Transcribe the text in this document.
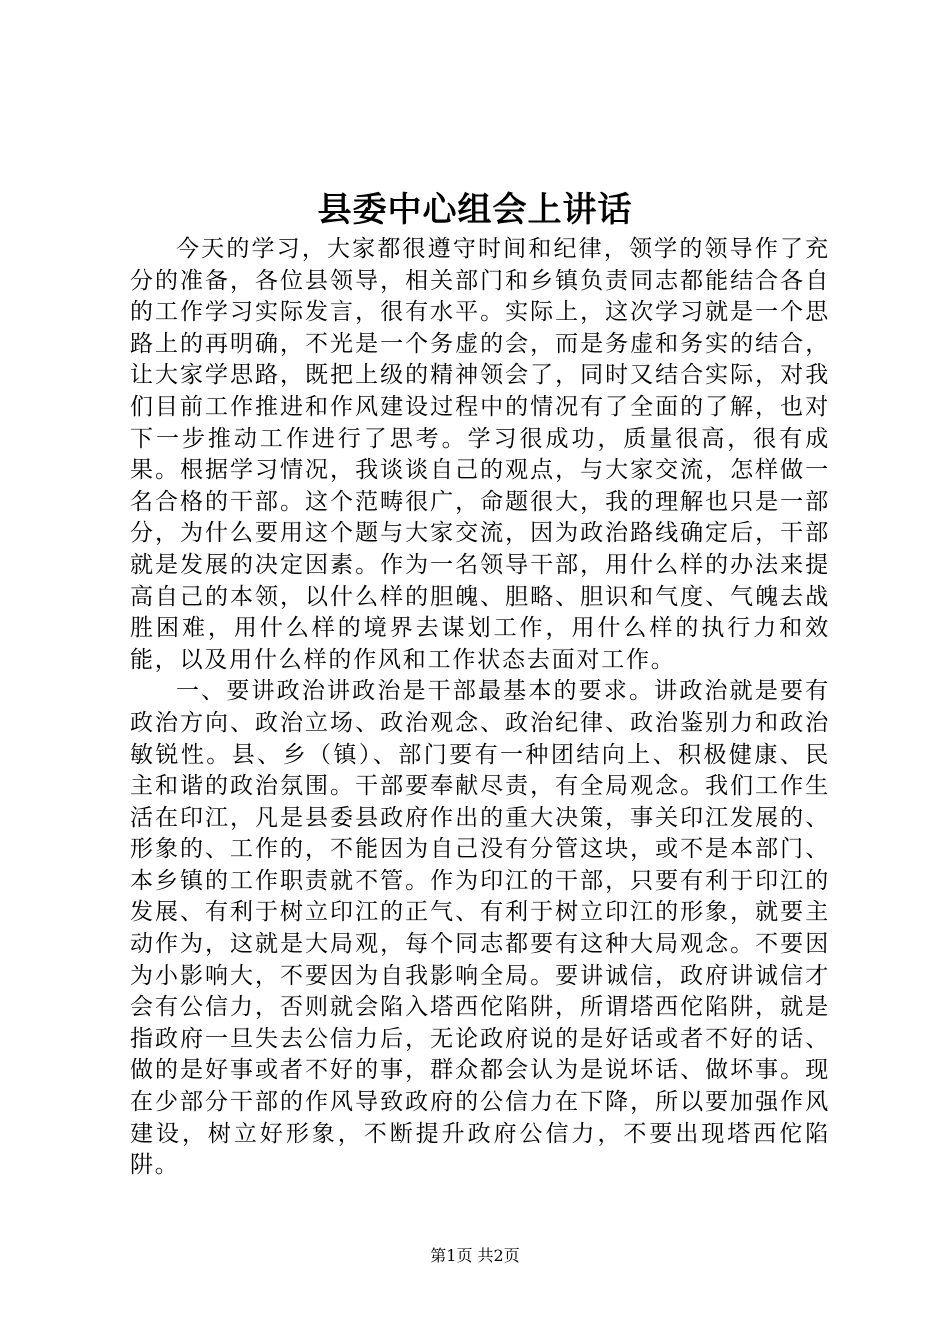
县委中心组会上讲话

今天的学习，大家都很遵守时间和纪律，领学的领导作了充分的准备，各位县领导，相关部门和乡镇负责同志都能结合各自的工作学习实际发言，很有水平。实际上，这次学习就是一个思路上的再明确，不光是一个务虚的会，而是务虚和务实的结合，让大家学思路，既把上级的精神领会了，同时又结合实际，对我们目前工作推进和作风建设过程中的情况有了全面的了解，也对下一步推动工作进行了思考。学习很成功，质量很高，很有成果。根据学习情况，我谈谈自己的观点，与大家交流，怎样做一名合格的干部。这个范畴很广，命题很大，我的理解也只是一部分，为什么要用这个题与大家交流，因为政治路线确定后，干部就是发展的决定因素。作为一名领导干部，用什么样的办法来提高自己的本领，以什么样的胆魄、胆略、胆识和气度、气魄去战胜困难，用什么样的境界去谋划工作，用什么样的执行力和效能，以及用什么样的作风和工作状态去面对工作。

一、要讲政治讲政治是干部最基本的要求。讲政治就是要有政治方向、政治立场、政治观念、政治纪律、政治鉴别力和政治敏锐性。县、乡（镇）、部门要有一种团结向上、积极健康、民主和谐的政治氛围。干部要奉献尽责，有全局观念。我们工作生活在印江，凡是县委县政府作出的重大决策，事关印江发展的、形象的、工作的，不能因为自己没有分管这块，或不是本部门、本乡镇的工作职责就不管。作为印江的干部，只要有利于印江的发展、有利于树立印江的正气、有利于树立印江的形象，就要主动作为，这就是大局观，每个同志都要有这种大局观念。不要因为小影响大，不要因为自我影响全局。要讲诚信，政府讲诚信才会有公信力，否则就会陷入塔西佗陷阱，所谓塔西佗陷阱，就是指政府一旦失去公信力后，无论政府说的是好话或者不好的话、做的是好事或者不好的事，群众都会认为是说坏话、做坏事。现在少部分干部的作风导致政府的公信力在下降，所以要加强作风建设，树立好形象，不断提升政府公信力，不要出现塔西佗陷阱。

第1页 共2页
